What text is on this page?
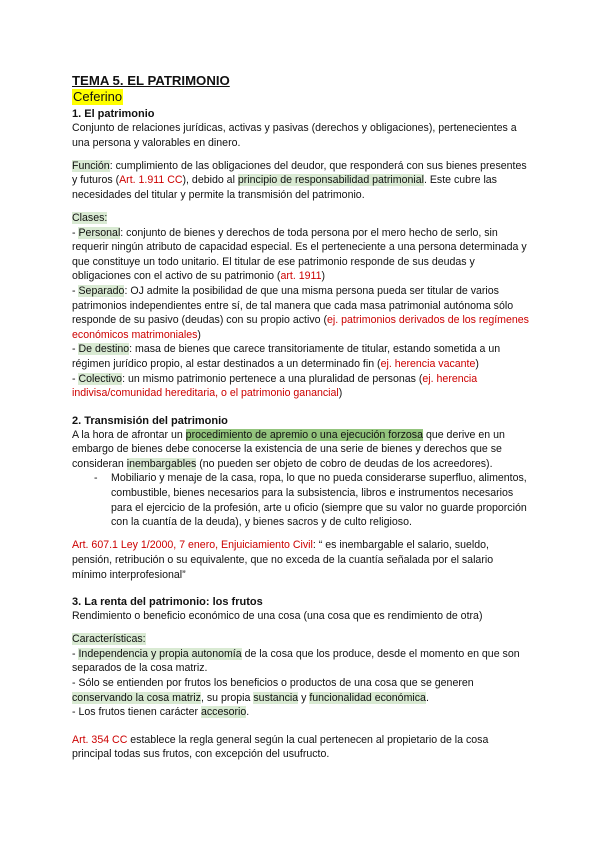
TEMA 5. EL PATRIMONIO
Ceferino
1. El patrimonio

Conjunto de relaciones jurídicas, activas y pasivas (derechos y obligaciones), pertenecientes a una persona y valorables en dinero.

Función: cumplimiento de las obligaciones del deudor, que responderá con sus bienes presentes y futuros (Art. 1.911 CC), debido al principio de responsabilidad patrimonial. Este cubre las necesidades del titular y permite la transmisión del patrimonio.

Clases:

- Personal: conjunto de bienes y derechos de toda persona por el mero hecho de serlo, sin requerir ningún atributo de capacidad especial. Es el perteneciente a una persona determinada y que constituye un todo unitario. El titular de ese patrimonio responde de sus deudas y obligaciones con el activo de su patrimonio (art. 1911)

- Separado: OJ admite la posibilidad de que una misma persona pueda ser titular de varios patrimonios independientes entre sí, de tal manera que cada masa patrimonial autónoma sólo responde de su pasivo (deudas) con su propio activo (ej. patrimonios derivados de los regímenes económicos matrimoniales)

- De destino: masa de bienes que carece transitoriamente de titular, estando sometida a un régimen jurídico propio, al estar destinados a un determinado fin (ej. herencia vacante)

- Colectivo: un mismo patrimonio pertenece a una pluralidad de personas (ej. herencia indivisa/comunidad hereditaria, o el patrimonio ganancial)

2. Transmisión del patrimonio

A la hora de afrontar un procedimiento de apremio o una ejecución forzosa que derive en un embargo de bienes debe conocerse la existencia de una serie de bienes y derechos que se consideran inembargables (no pueden ser objeto de cobro de deudas de los acreedores).

- Mobiliario y menaje de la casa, ropa, lo que no pueda considerarse superfluo, alimentos, combustible, bienes necesarios para la subsistencia, libros e instrumentos necesarios para el ejercicio de la profesión, arte u oficio (siempre que su valor no guarde proporción con la cuantía de la deuda), y bienes sacros y de culto religioso.

Art. 607.1 Ley 1/2000, 7 enero, Enjuiciamiento Civil: “ es inembargable el salario, sueldo, pensión, retribución o su equivalente, que no exceda de la cuantía señalada por el salario mínimo interprofesional”

3. La renta del patrimonio: los frutos

Rendimiento o beneficio económico de una cosa (una cosa que es rendimiento de otra)

Características:

- Independencia y propia autonomía de la cosa que los produce, desde el momento en que son separados de la cosa matriz.

- Sólo se entienden por frutos los beneficios o productos de una cosa que se generen conservando la cosa matriz, su propia sustancia y funcionalidad económica.

- Los frutos tienen carácter accesorio.

Art. 354 CC establece la regla general según la cual pertenecen al propietario de la cosa principal todas sus frutos, con excepción del usufructo.
